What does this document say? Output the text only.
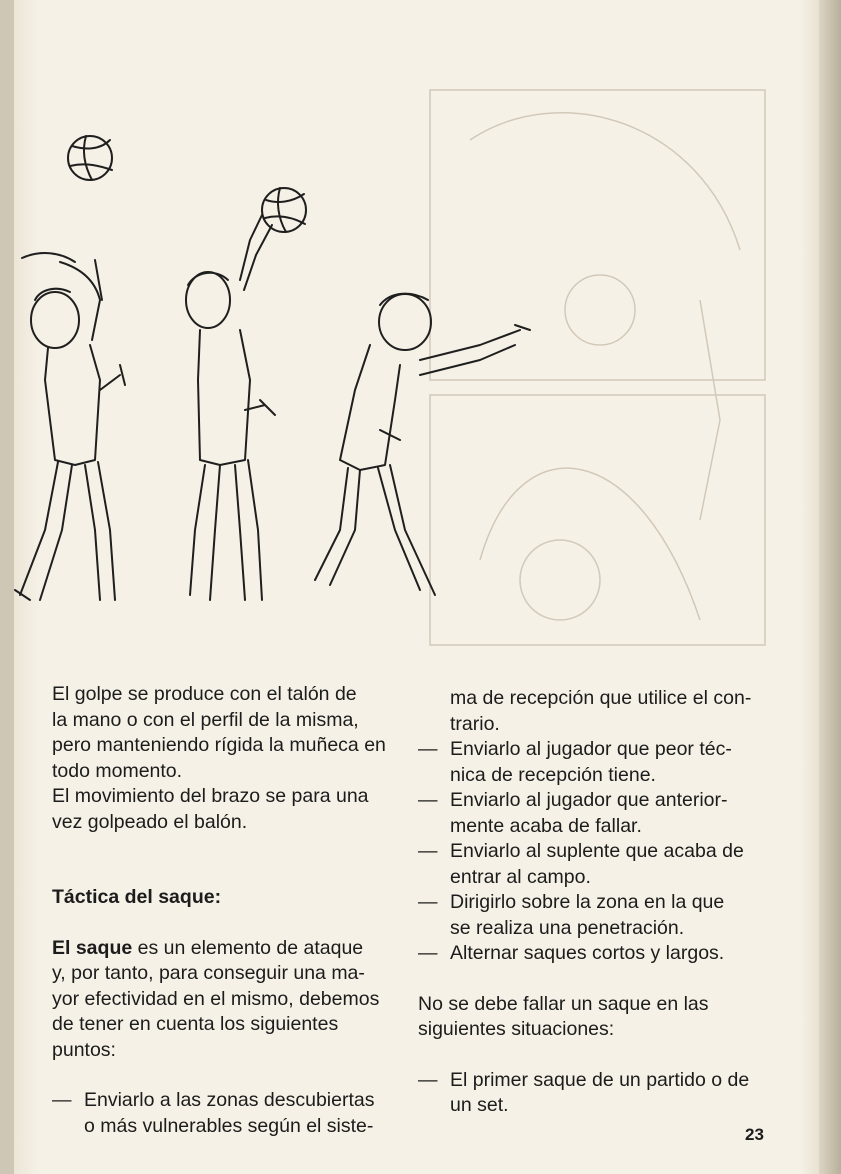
El golpe se produce con el talón de
la mano o con el perfil de la misma,
pero manteniendo rígida la muñeca en
todo momento.

El movimiento del brazo se para una
vez golpeado el balón.

Táctica del saque:

El saque es un elemento de ataque
y, por tanto, para conseguir una ma-
yor efectividad en el mismo, debemos
de tener en cuenta los siguientes
puntos:

— Enviarlo a las zonas descubiertas
o más vulnerables según el siste-

ma de recepción que utilice el con-
trario.

— Enviarlo al jugador que peor téc-
nica de recepción tiene.
— Enviarlo al jugador que anterior-
mente acaba de fallar.
— Enviarlo al suplente que acaba de
entrar al campo.
— Dirigirlo sobre la zona en la que
se realiza una penetración.
— Alternar saques cortos y largos.

No se debe fallar un saque en las
siguientes situaciones:

— El primer saque de un partido o de
un set.
23
